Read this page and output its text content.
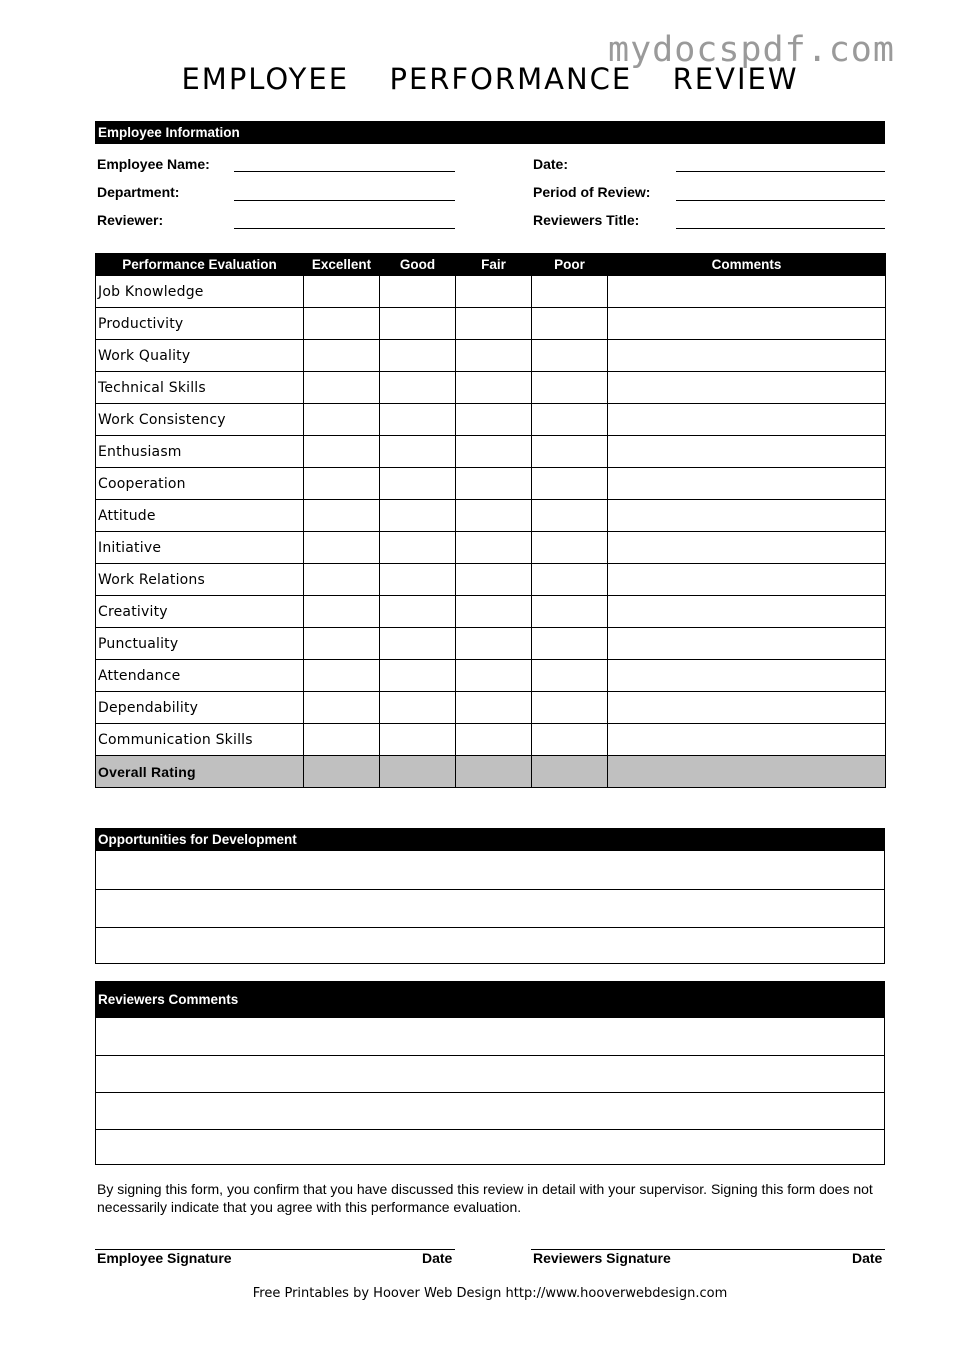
mydocspdf.com
EMPLOYEE  PERFORMANCE  REVIEW
Employee Information
Employee Name:
Department:
Reviewer:
Date:
Period of Review:
Reviewers Title:
Performance Evaluation	Excellent	Good	Fair	Poor	Comments
Job Knowledge					
Productivity					
Work Quality					
Technical Skills					
Work Consistency					
Enthusiasm					
Cooperation					
Attitude					
Initiative					
Work Relations					
Creativity					
Punctuality					
Attendance					
Dependability					
Communication Skills					
Overall Rating					
Opportunities for Development
Reviewers Comments
By signing this form, you confirm that you have discussed this review in detail with your supervisor. Signing this form does not necessarily indicate that you agree with this performance evaluation.
Employee Signature	Date	Reviewers Signature	Date
Free Printables by Hoover Web Design http://www.hooverwebdesign.com
